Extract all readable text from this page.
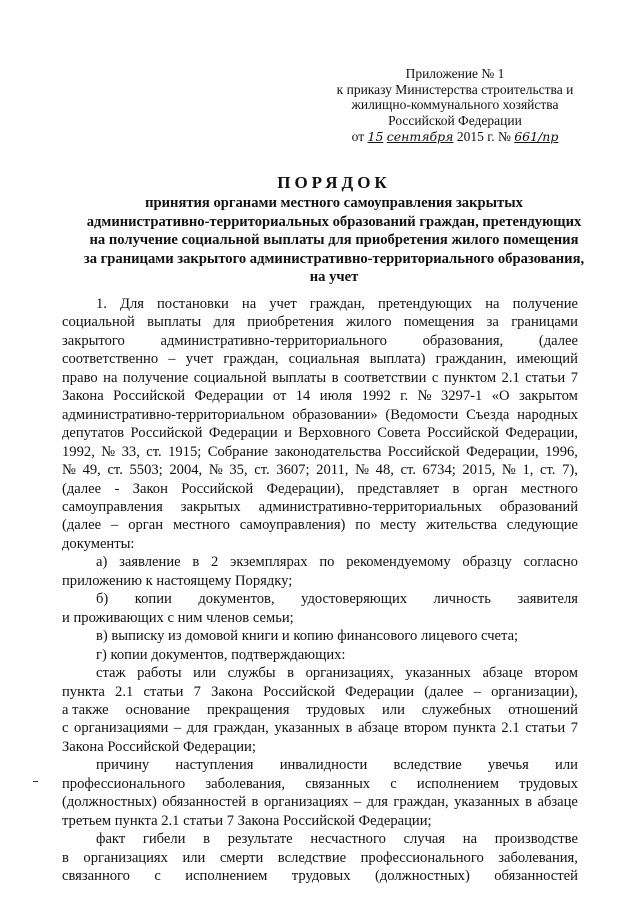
Приложение № 1
к приказу Министерства строительства и
жилищно-коммунального хозяйства
Российской Федерации
от 15 сентября 2015 г. № 661/пр
ПОРЯДОК
принятия органами местного самоуправления закрытых
административно-территориальных образований граждан, претендующих
на получение социальной выплаты для приобретения жилого помещения
за границами закрытого административно-территориального образования,
на учет
1. Для постановки на учет граждан, претендующих на получение
социальной выплаты для приобретения жилого помещения за границами
закрытого административно-территориального образования, (далее
соответственно – учет граждан, социальная выплата) гражданин, имеющий
право на получение социальной выплаты в соответствии с пунктом 2.1 статьи 7
Закона Российской Федерации от 14 июля 1992 г. № 3297-1 «О закрытом
административно-территориальном образовании» (Ведомости Съезда народных
депутатов Российской Федерации и Верховного Совета Российской Федерации,
1992, № 33, ст. 1915; Собрание законодательства Российской Федерации, 1996,
№ 49, ст. 5503; 2004, № 35, ст. 3607; 2011, № 48, ст. 6734; 2015, № 1, ст. 7),
(далее - Закон Российской Федерации), представляет в орган местного
самоуправления закрытых административно-территориальных образований
(далее – орган местного самоуправления) по месту жительства следующие
документы:
а) заявление в 2 экземплярах по рекомендуемому образцу согласно
приложению к настоящему Порядку;
б) копии документов, удостоверяющих личность заявителя
и проживающих с ним членов семьи;
в) выписку из домовой книги и копию финансового лицевого счета;
г) копии документов, подтверждающих:
стаж работы или службы в организациях, указанных абзаце втором
пункта 2.1 статьи 7 Закона Российской Федерации (далее – организации),
а также основание прекращения трудовых или служебных отношений
с организациями – для граждан, указанных в абзаце втором пункта 2.1 статьи 7
Закона Российской Федерации;
причину наступления инвалидности вследствие увечья или
профессионального заболевания, связанных с исполнением трудовых
(должностных) обязанностей в организациях – для граждан, указанных в абзаце
третьем пункта 2.1 статьи 7 Закона Российской Федерации;
факт гибели в результате несчастного случая на производстве
в организациях или смерти вследствие профессионального заболевания,
связанного с исполнением трудовых (должностных) обязанностей
